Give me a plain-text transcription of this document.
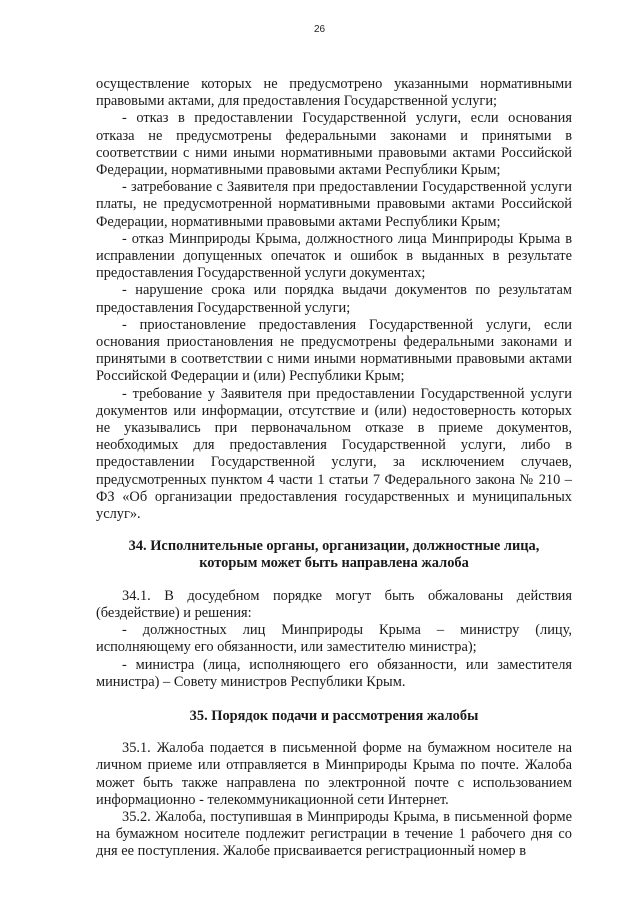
26

осуществление которых не предусмотрено указанными нормативными правовыми актами, для предоставления Государственной услуги;

- отказ в предоставлении Государственной услуги, если основания отказа не предусмотрены федеральными законами и принятыми в соответствии с ними иными нормативными правовыми актами Российской Федерации, нормативными правовыми актами Республики Крым;

- затребование с Заявителя при предоставлении Государственной услуги платы, не предусмотренной нормативными правовыми актами Российской Федерации, нормативными правовыми актами Республики Крым;

- отказ Минприроды Крыма, должностного лица Минприроды Крыма в исправлении допущенных опечаток и ошибок в выданных в результате предоставления Государственной услуги документах;

- нарушение срока или порядка выдачи документов по результатам предоставления Государственной услуги;

- приостановление предоставления Государственной услуги, если основания приостановления не предусмотрены федеральными законами и принятыми в соответствии с ними иными нормативными правовыми актами Российской Федерации и (или) Республики Крым;

- требование у Заявителя при предоставлении Государственной услуги документов или информации, отсутствие и (или) недостоверность которых не указывались при первоначальном отказе в приеме документов, необходимых для предоставления Государственной услуги, либо в предоставлении Государственной услуги, за исключением случаев, предусмотренных пунктом 4 части 1 статьи 7 Федерального закона № 210 – ФЗ «Об организации предоставления государственных и муниципальных услуг».

34. Исполнительные органы, организации, должностные лица,
которым может быть направлена жалоба

34.1. В досудебном порядке могут быть обжалованы действия (бездействие) и решения:

- должностных лиц Минприроды Крыма – министру (лицу, исполняющему его обязанности, или заместителю министра);

- министра (лица, исполняющего его обязанности, или заместителя министра) – Совету министров Республики Крым.

35. Порядок подачи и рассмотрения жалобы

35.1. Жалоба подается в письменной форме на бумажном носителе на личном приеме или отправляется в Минприроды Крыма по почте. Жалоба может быть также направлена по электронной почте с использованием информационно - телекоммуникационной сети Интернет.

35.2. Жалоба, поступившая в Минприроды Крыма, в письменной форме на бумажном носителе подлежит регистрации в течение 1 рабочего дня со дня ее поступления. Жалобе присваивается регистрационный номер в
